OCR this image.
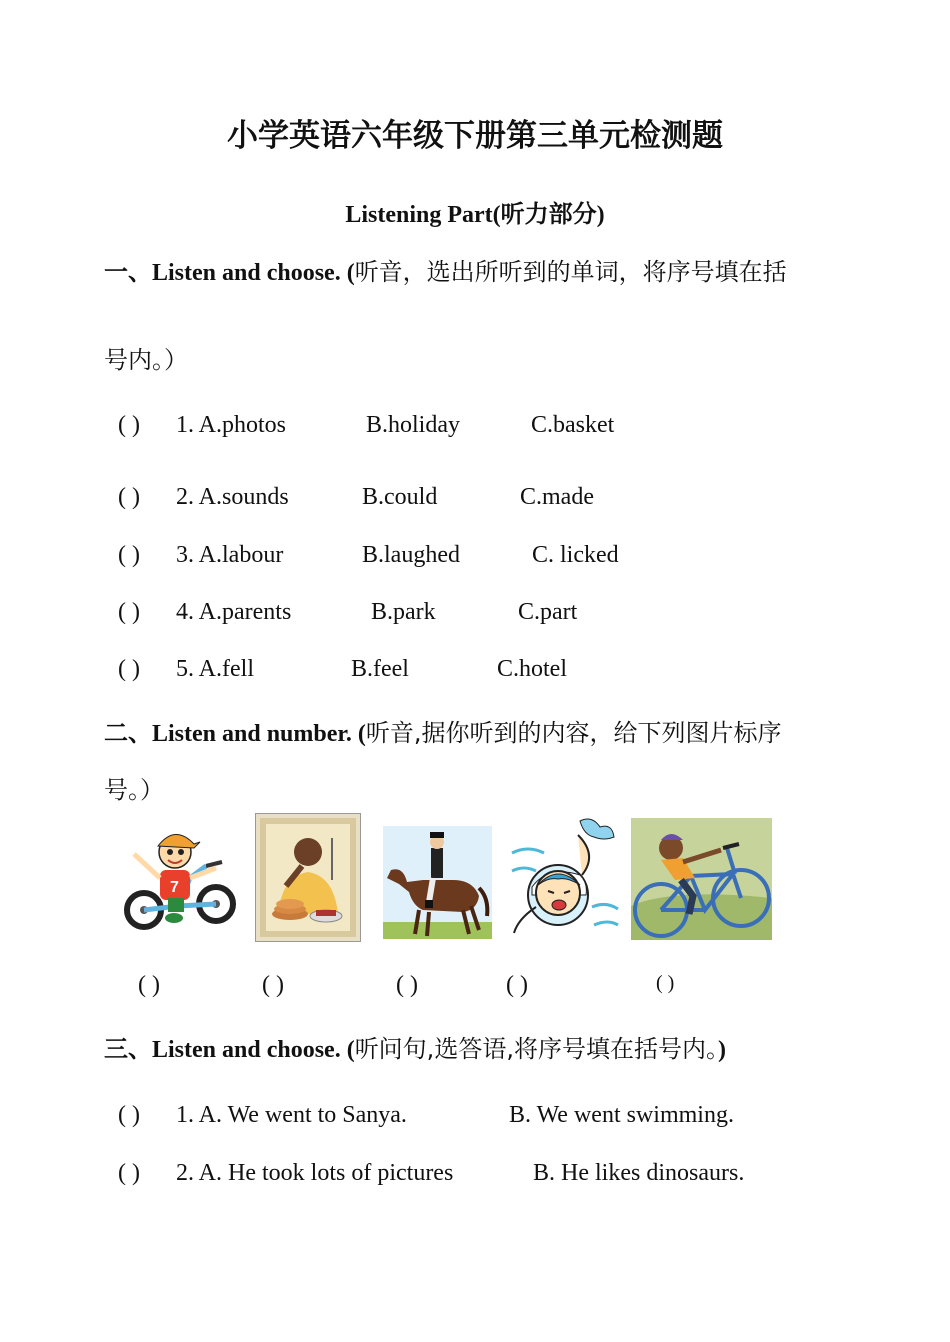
小学英语六年级下册第三单元检测题
Listening Part(听力部分)
一、Listen and choose. (听音，选出所听到的单词，将序号填在括
号内。）
( ) 1. A.photos	B.holiday	C.basket
( ) 2. A.sounds	B.could	C.made
( ) 3. A.labour	B.laughed	C. licked
( ) 4. A.parents	B.park	C.part
( ) 5. A.fell	B.feel	C.hotel
二、Listen and number. (听音,据你听到的内容，给下列图片标序
号。）
7
( )	( )	( )	( )	( )
三、Listen and choose. (听问句,选答语,将序号填在括号内。)
( ) 1. A. We went to Sanya.	B. We went swimming.
( ) 2. A. He took lots of pictures	B. He likes dinosaurs.
